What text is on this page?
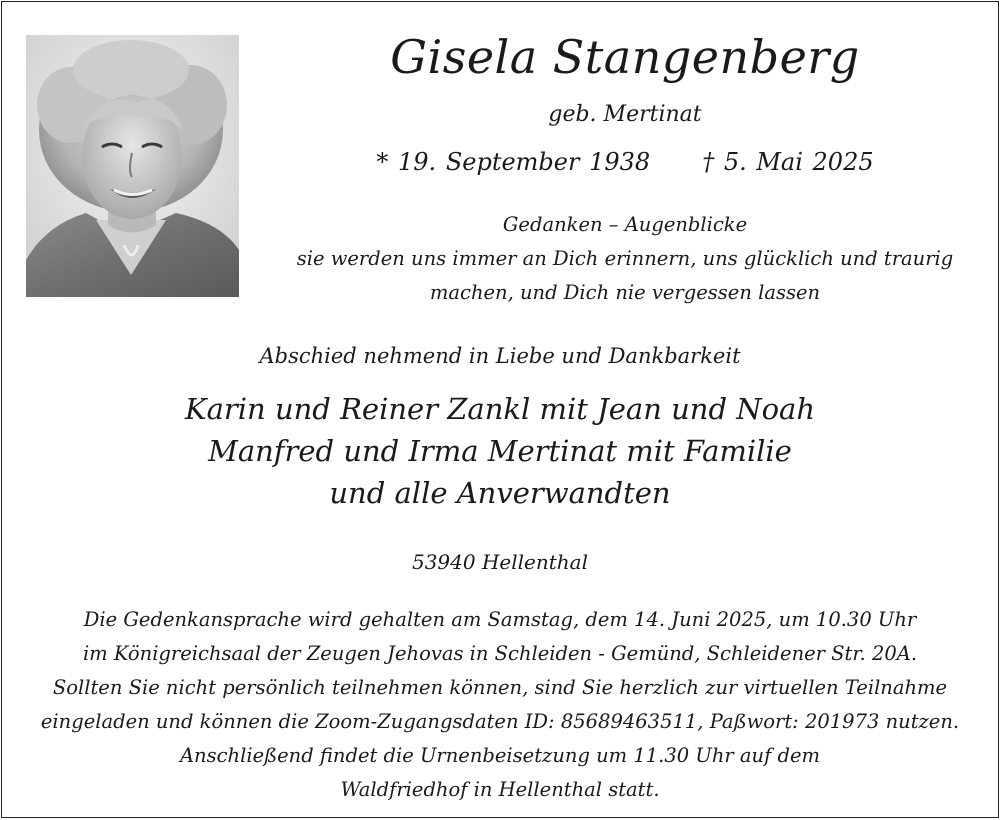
Gisela Stangenberg
geb. Mertinat
* 19. September 1938 † 5. Mai 2025
Gedanken – Augenblicke
sie werden uns immer an Dich erinnern, uns glücklich und traurig
machen, und Dich nie vergessen lassen
Abschied nehmend in Liebe und Dankbarkeit
Karin und Reiner Zankl mit Jean und Noah
Manfred und Irma Mertinat mit Familie
und alle Anverwandten
53940 Hellenthal
Die Gedenkansprache wird gehalten am Samstag, dem 14. Juni 2025, um 10.30 Uhr
im Königreichsaal der Zeugen Jehovas in Schleiden - Gemünd, Schleidener Str. 20A.
Sollten Sie nicht persönlich teilnehmen können, sind Sie herzlich zur virtuellen Teilnahme
eingeladen und können die Zoom-Zugangsdaten ID: 85689463511, Paßwort: 201973 nutzen.
Anschließend findet die Urnenbeisetzung um 11.30 Uhr auf dem
Waldfriedhof in Hellenthal statt.
